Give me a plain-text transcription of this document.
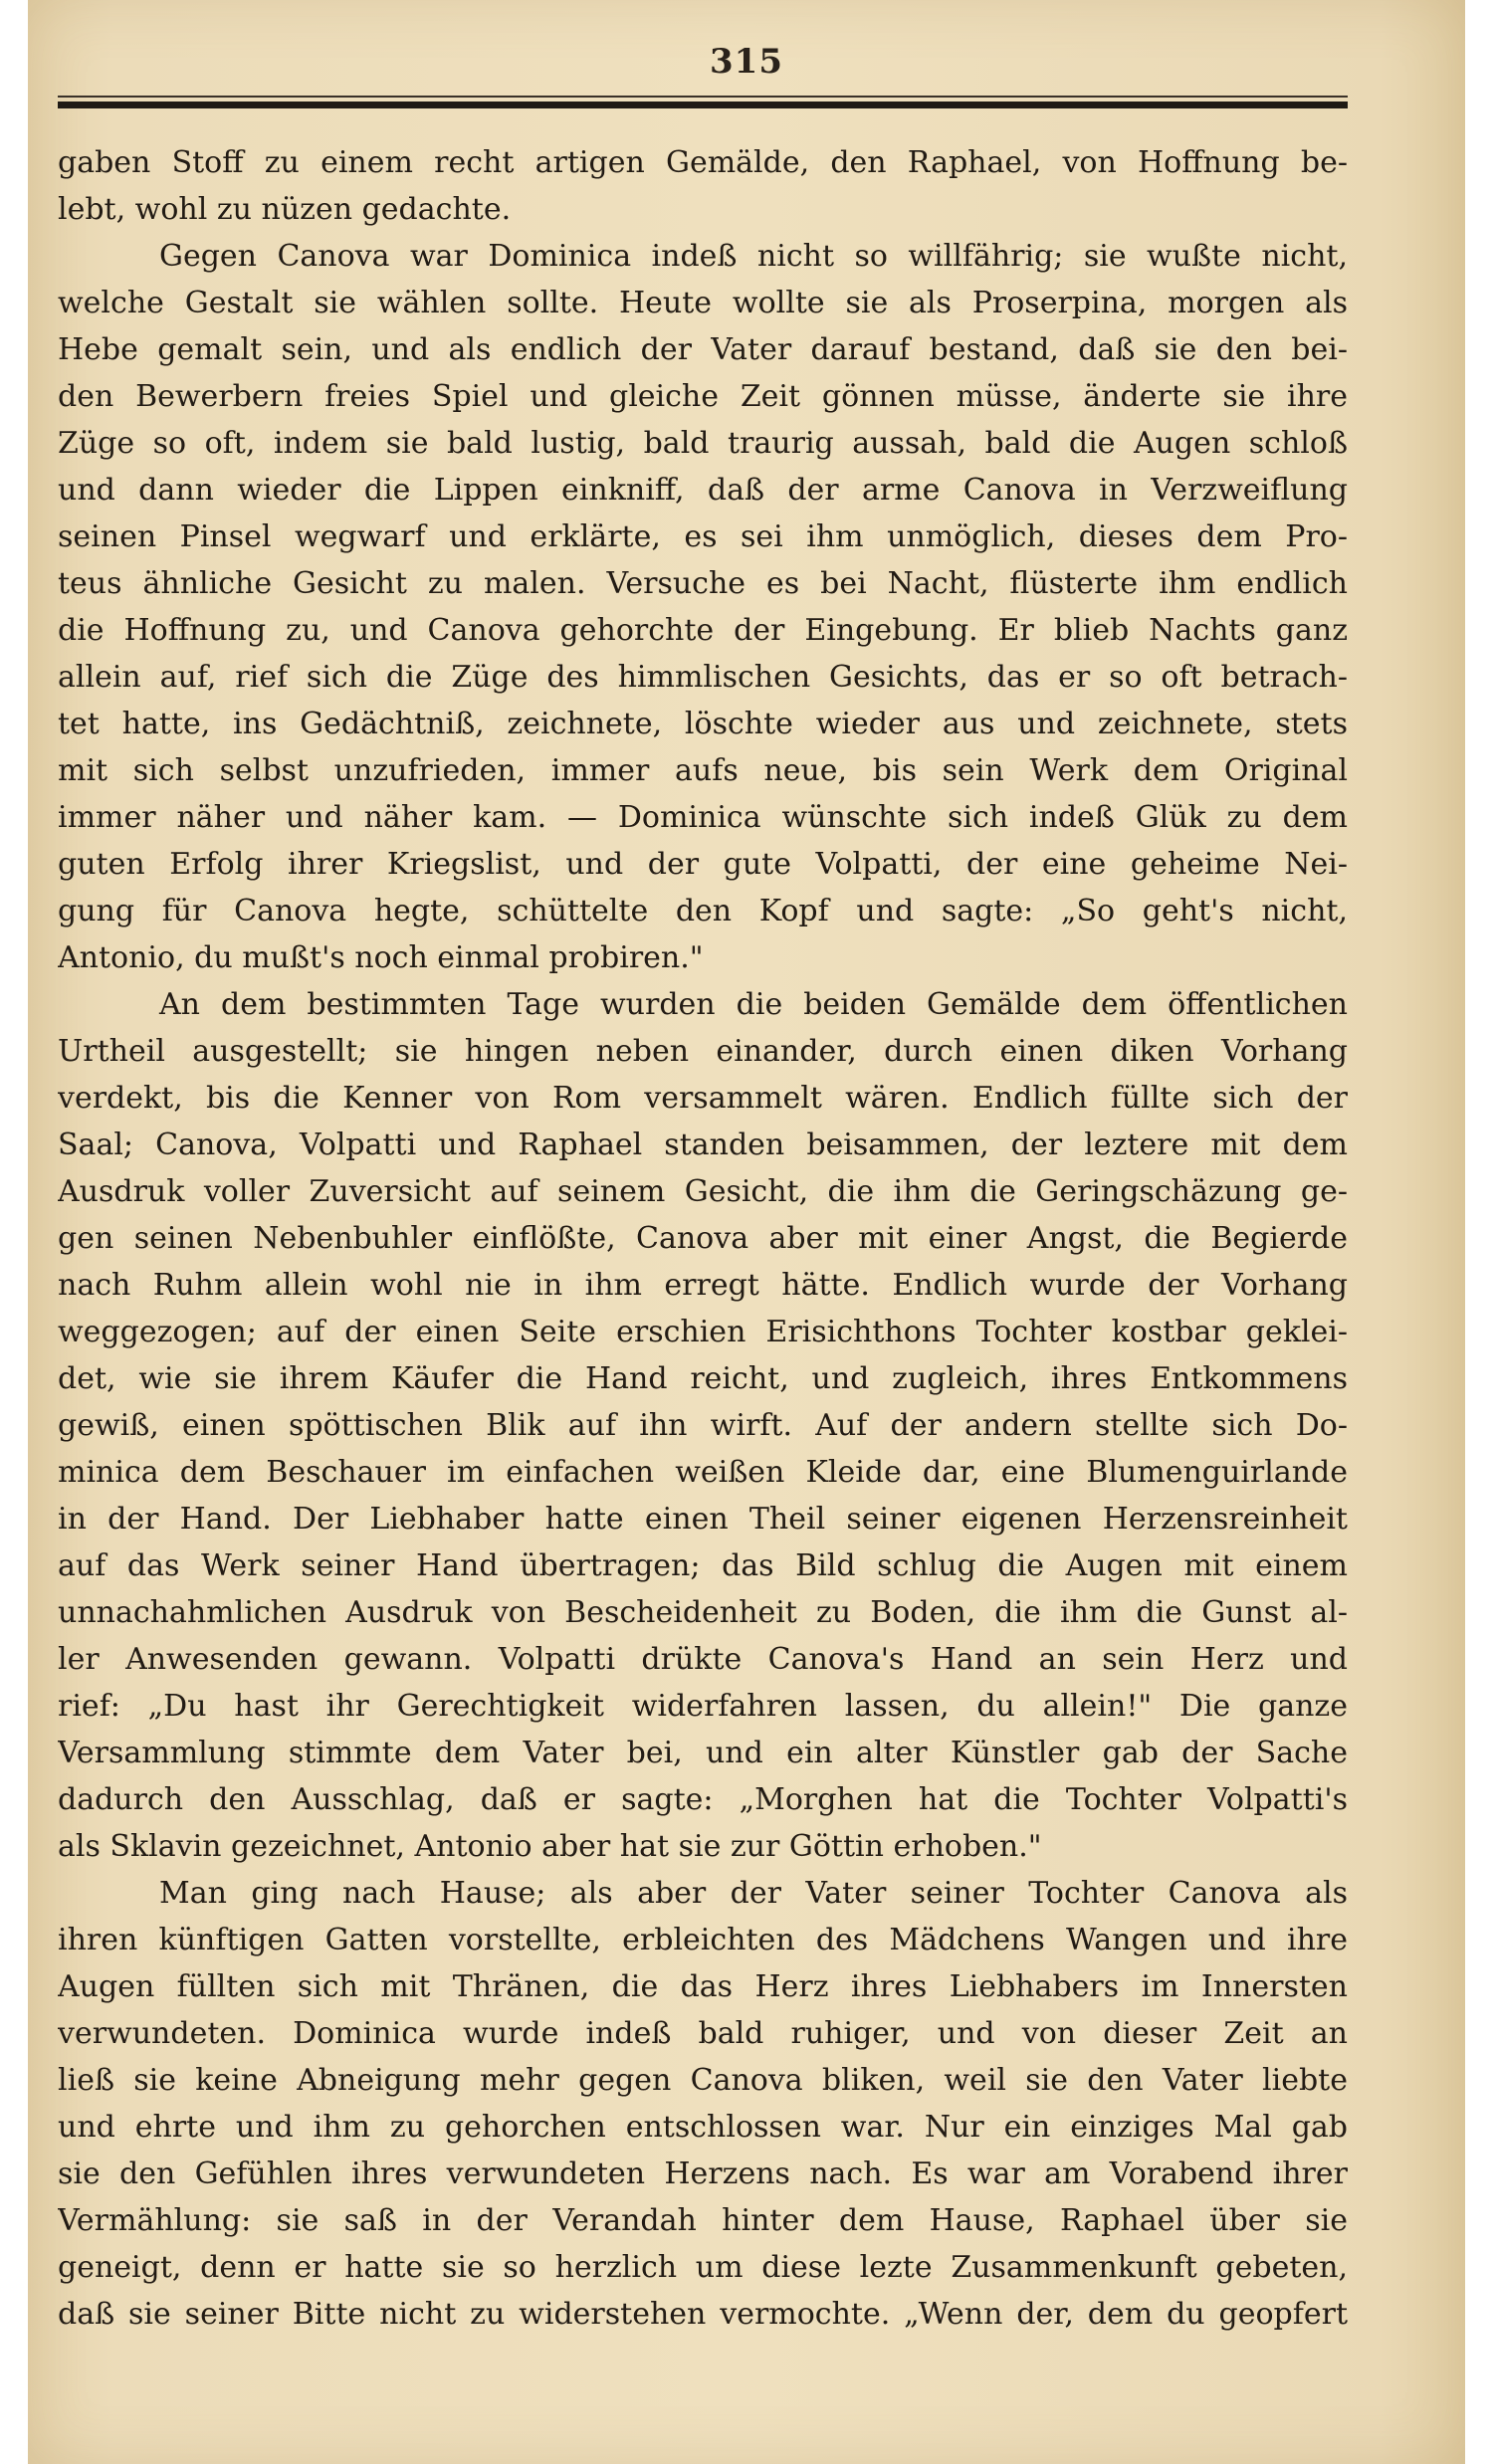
315
gaben Stoff zu einem recht artigen Gemälde, den Raphael, von Hoffnung be-
lebt, wohl zu nüzen gedachte.
Gegen Canova war Dominica indeß nicht so willfährig; sie wußte nicht,
welche Gestalt sie wählen sollte. Heute wollte sie als Proserpina, morgen als
Hebe gemalt sein, und als endlich der Vater darauf bestand, daß sie den bei-
den Bewerbern freies Spiel und gleiche Zeit gönnen müsse, änderte sie ihre
Züge so oft, indem sie bald lustig, bald traurig aussah, bald die Augen schloß
und dann wieder die Lippen einkniff, daß der arme Canova in Verzweiflung
seinen Pinsel wegwarf und erklärte, es sei ihm unmöglich, dieses dem Pro-
teus ähnliche Gesicht zu malen. Versuche es bei Nacht, flüsterte ihm endlich
die Hoffnung zu, und Canova gehorchte der Eingebung. Er blieb Nachts ganz
allein auf, rief sich die Züge des himmlischen Gesichts, das er so oft betrach-
tet hatte, ins Gedächtniß, zeichnete, löschte wieder aus und zeichnete, stets
mit sich selbst unzufrieden, immer aufs neue, bis sein Werk dem Original
immer näher und näher kam. — Dominica wünschte sich indeß Glük zu dem
guten Erfolg ihrer Kriegslist, und der gute Volpatti, der eine geheime Nei-
gung für Canova hegte, schüttelte den Kopf und sagte: „So geht's nicht,
Antonio, du mußt's noch einmal probiren."
An dem bestimmten Tage wurden die beiden Gemälde dem öffentlichen
Urtheil ausgestellt; sie hingen neben einander, durch einen diken Vorhang
verdekt, bis die Kenner von Rom versammelt wären. Endlich füllte sich der
Saal; Canova, Volpatti und Raphael standen beisammen, der leztere mit dem
Ausdruk voller Zuversicht auf seinem Gesicht, die ihm die Geringschäzung ge-
gen seinen Nebenbuhler einflößte, Canova aber mit einer Angst, die Begierde
nach Ruhm allein wohl nie in ihm erregt hätte. Endlich wurde der Vorhang
weggezogen; auf der einen Seite erschien Erisichthons Tochter kostbar geklei-
det, wie sie ihrem Käufer die Hand reicht, und zugleich, ihres Entkommens
gewiß, einen spöttischen Blik auf ihn wirft. Auf der andern stellte sich Do-
minica dem Beschauer im einfachen weißen Kleide dar, eine Blumenguirlande
in der Hand. Der Liebhaber hatte einen Theil seiner eigenen Herzensreinheit
auf das Werk seiner Hand übertragen; das Bild schlug die Augen mit einem
unnachahmlichen Ausdruk von Bescheidenheit zu Boden, die ihm die Gunst al-
ler Anwesenden gewann. Volpatti drükte Canova's Hand an sein Herz und
rief: „Du hast ihr Gerechtigkeit widerfahren lassen, du allein!" Die ganze
Versammlung stimmte dem Vater bei, und ein alter Künstler gab der Sache
dadurch den Ausschlag, daß er sagte: „Morghen hat die Tochter Volpatti's
als Sklavin gezeichnet, Antonio aber hat sie zur Göttin erhoben."
Man ging nach Hause; als aber der Vater seiner Tochter Canova als
ihren künftigen Gatten vorstellte, erbleichten des Mädchens Wangen und ihre
Augen füllten sich mit Thränen, die das Herz ihres Liebhabers im Innersten
verwundeten. Dominica wurde indeß bald ruhiger, und von dieser Zeit an
ließ sie keine Abneigung mehr gegen Canova bliken, weil sie den Vater liebte
und ehrte und ihm zu gehorchen entschlossen war. Nur ein einziges Mal gab
sie den Gefühlen ihres verwundeten Herzens nach. Es war am Vorabend ihrer
Vermählung: sie saß in der Verandah hinter dem Hause, Raphael über sie
geneigt, denn er hatte sie so herzlich um diese lezte Zusammenkunft gebeten,
daß sie seiner Bitte nicht zu widerstehen vermochte. „Wenn der, dem du geopfert
